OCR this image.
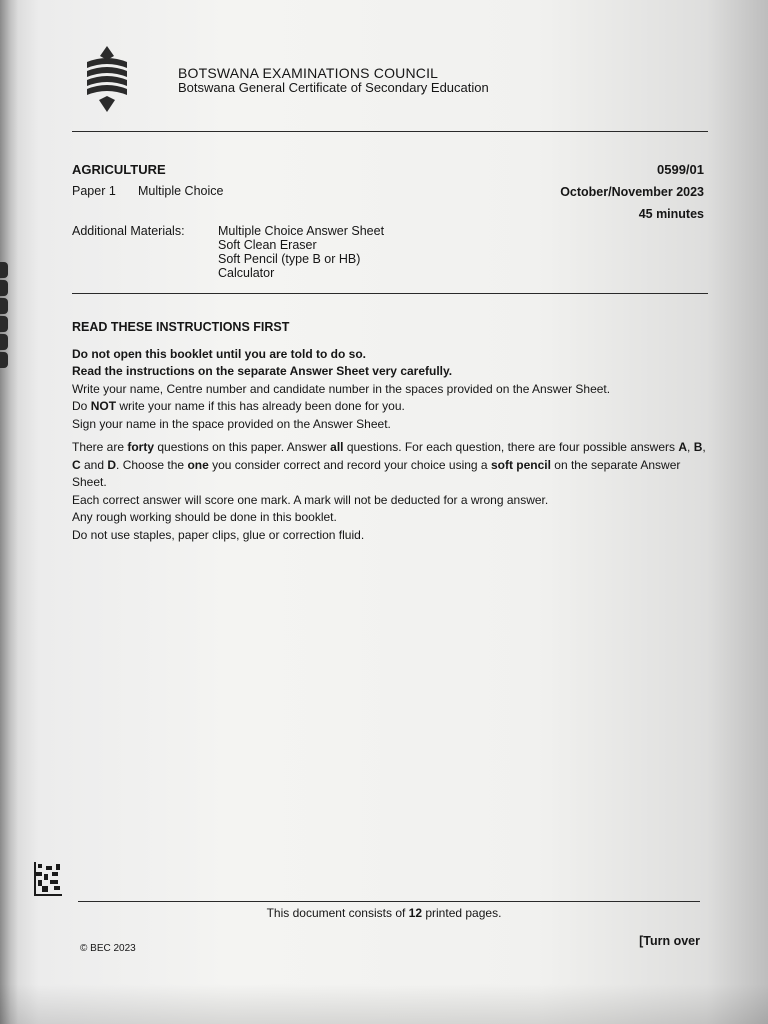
BOTSWANA EXAMINATIONS COUNCIL
Botswana General Certificate of Secondary Education
AGRICULTURE	0599/01
Paper 1 Multiple Choice	October/November 2023
45 minutes
Additional Materials:	Multiple Choice Answer Sheet
Soft Clean Eraser
Soft Pencil (type B or HB)
Calculator
READ THESE INSTRUCTIONS FIRST

Do not open this booklet until you are told to do so.

Read the instructions on the separate Answer Sheet very carefully.

Write your name, Centre number and candidate number in the spaces provided on the Answer Sheet.

Do NOT write your name if this has already been done for you.

Sign your name in the space provided on the Answer Sheet.

There are forty questions on this paper. Answer all questions. For each question, there are four possible answers A, B, C and D. Choose the one you consider correct and record your choice using a soft pencil on the separate Answer Sheet.

Each correct answer will score one mark. A mark will not be deducted for a wrong answer.

Any rough working should be done in this booklet.

Do not use staples, paper clips, glue or correction fluid.

This document consists of 12 printed pages.
© BEC 2023
[Turn over
